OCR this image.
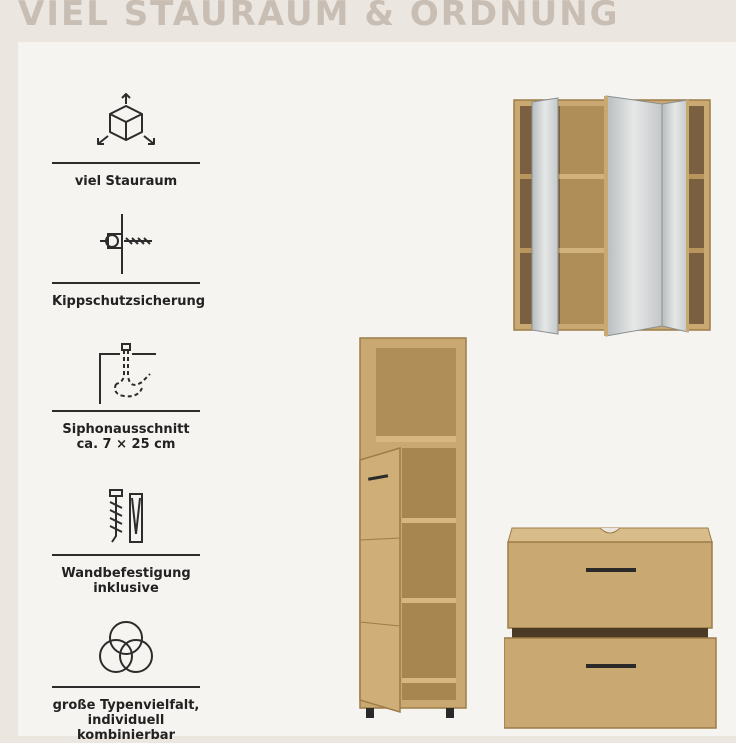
VIEL STAURAUM & ORDNUNG
viel Stauraum
Kippschutzsicherung
Siphonausschnitt
ca. 7 × 25 cm
Wandbefestigung
inklusive
große Typenvielfalt,
individuell kombinierbar
